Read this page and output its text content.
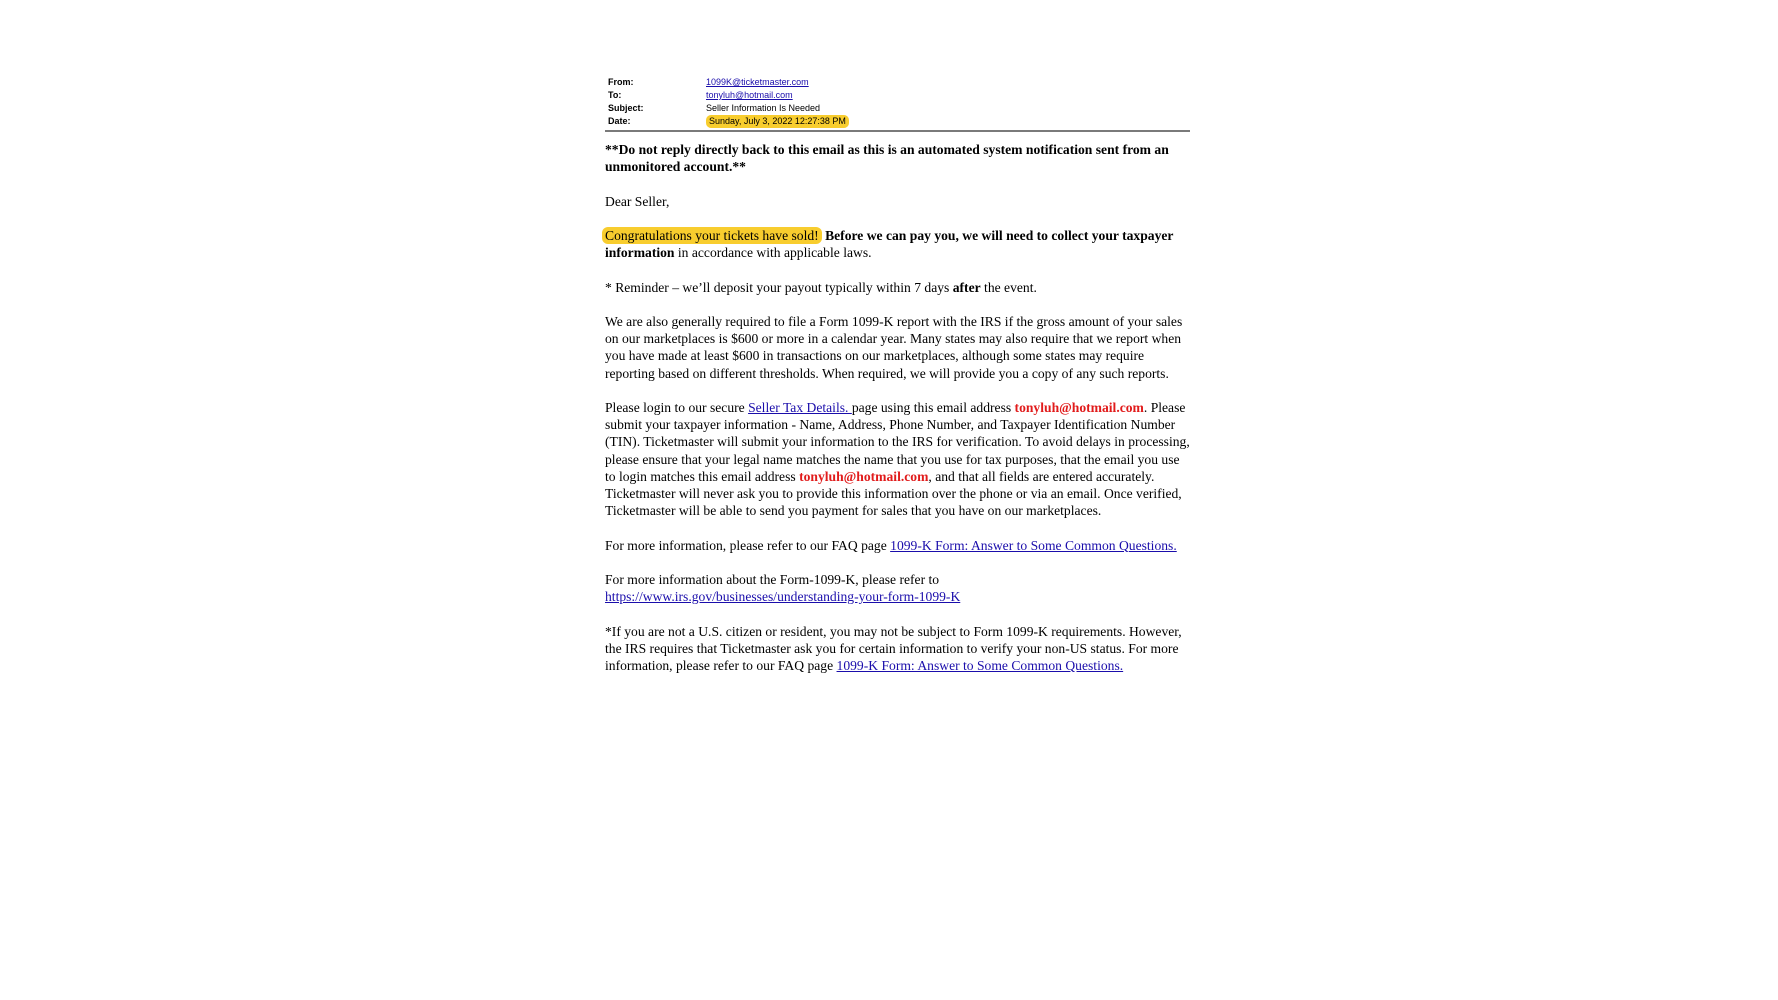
From:	1099K@ticketmaster.com
To:	tonyluh@hotmail.com
Subject:	Seller Information Is Needed
Date:	Sunday, July 3, 2022 12:27:38 PM

**Do not reply directly back to this email as this is an automated system notification sent from an unmonitored account.**

Dear Seller,

Congratulations your tickets have sold! Before we can pay you, we will need to collect your taxpayer information in accordance with applicable laws.

* Reminder – we’ll deposit your payout typically within 7 days after the event.

We are also generally required to file a Form 1099-K report with the IRS if the gross amount of your sales on our marketplaces is $600 or more in a calendar year. Many states may also require that we report when you have made at least $600 in transactions on our marketplaces, although some states may require reporting based on different thresholds. When required, we will provide you a copy of any such reports.

Please login to our secure Seller Tax Details. page using this email address tonyluh@hotmail.com. Please submit your taxpayer information - Name, Address, Phone Number, and Taxpayer Identification Number (TIN). Ticketmaster will submit your information to the IRS for verification. To avoid delays in processing, please ensure that your legal name matches the name that you use for tax purposes, that the email you use to login matches this email address tonyluh@hotmail.com, and that all fields are entered accurately. Ticketmaster will never ask you to provide this information over the phone or via an email. Once verified, Ticketmaster will be able to send you payment for sales that you have on our marketplaces.

For more information, please refer to our FAQ page 1099-K Form: Answer to Some Common Questions.

For more information about the Form-1099-K, please refer to https://www.irs.gov/businesses/understanding-your-form-1099-K

*If you are not a U.S. citizen or resident, you may not be subject to Form 1099-K requirements. However, the IRS requires that Ticketmaster ask you for certain information to verify your non-US status. For more information, please refer to our FAQ page 1099-K Form: Answer to Some Common Questions.
